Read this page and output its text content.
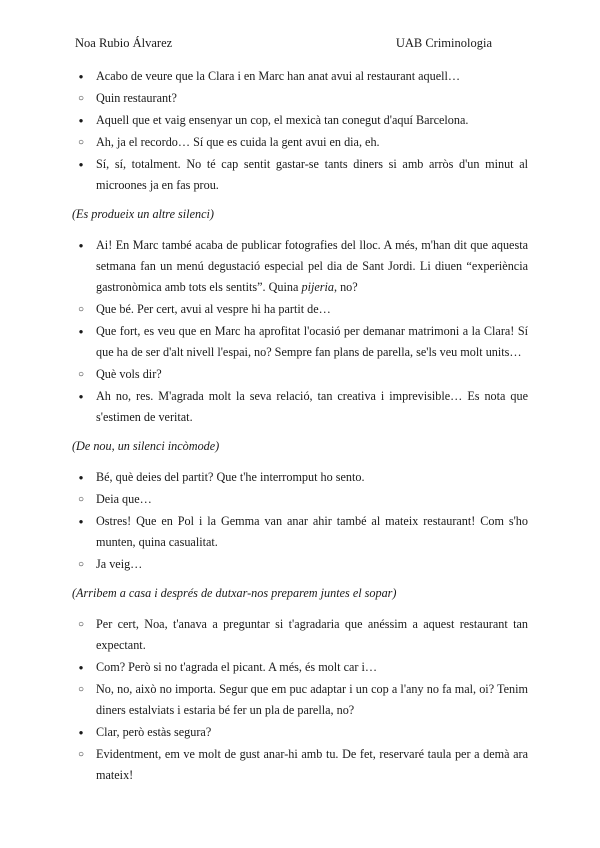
Noa Rubio Álvarez	UAB Criminologia
●
Acabo de veure que la Clara i en Marc han anat avui al restaurant aquell…
○
Quin restaurant?
●
Aquell que et vaig ensenyar un cop, el mexicà tan conegut d'aquí Barcelona.
○
Ah, ja el recordo… Sí que es cuida la gent avui en dia, eh.
●
Sí, sí, totalment. No té cap sentit gastar-se tants diners si amb arròs d'un minut al microones ja en fas prou.
(Es produeix un altre silenci)
●
Ai! En Marc també acaba de publicar fotografies del lloc. A més, m'han dit que aquesta setmana fan un menú degustació especial pel dia de Sant Jordi. Li diuen “experiència gastronòmica amb tots els sentits”. Quina pijeria, no?
○
Que bé. Per cert, avui al vespre hi ha partit de…
●
Que fort, es veu que en Marc ha aprofitat l'ocasió per demanar matrimoni a la Clara! Sí que ha de ser d'alt nivell l'espai, no? Sempre fan plans de parella, se'ls veu molt units…
○
Què vols dir?
●
Ah no, res. M'agrada molt la seva relació, tan creativa i imprevisible… Es nota que s'estimen de veritat.
(De nou, un silenci incòmode)
●
Bé, què deies del partit? Que t'he interromput ho sento.
○
Deia que…
●
Ostres! Que en Pol i la Gemma van anar ahir també al mateix restaurant! Com s'ho munten, quina casualitat.
○
Ja veig…
(Arribem a casa i després de dutxar-nos preparem juntes el sopar)
○
Per cert, Noa, t'anava a preguntar si t'agradaria que anéssim a aquest restaurant tan expectant.
●
Com? Però si no t'agrada el picant. A més, és molt car i…
○
No, no, això no importa. Segur que em puc adaptar i un cop a l'any no fa mal, oi? Tenim diners estalviats i estaria bé fer un pla de parella, no?
●
Clar, però estàs segura?
○
Evidentment, em ve molt de gust anar-hi amb tu. De fet, reservaré taula per a demà ara mateix!
